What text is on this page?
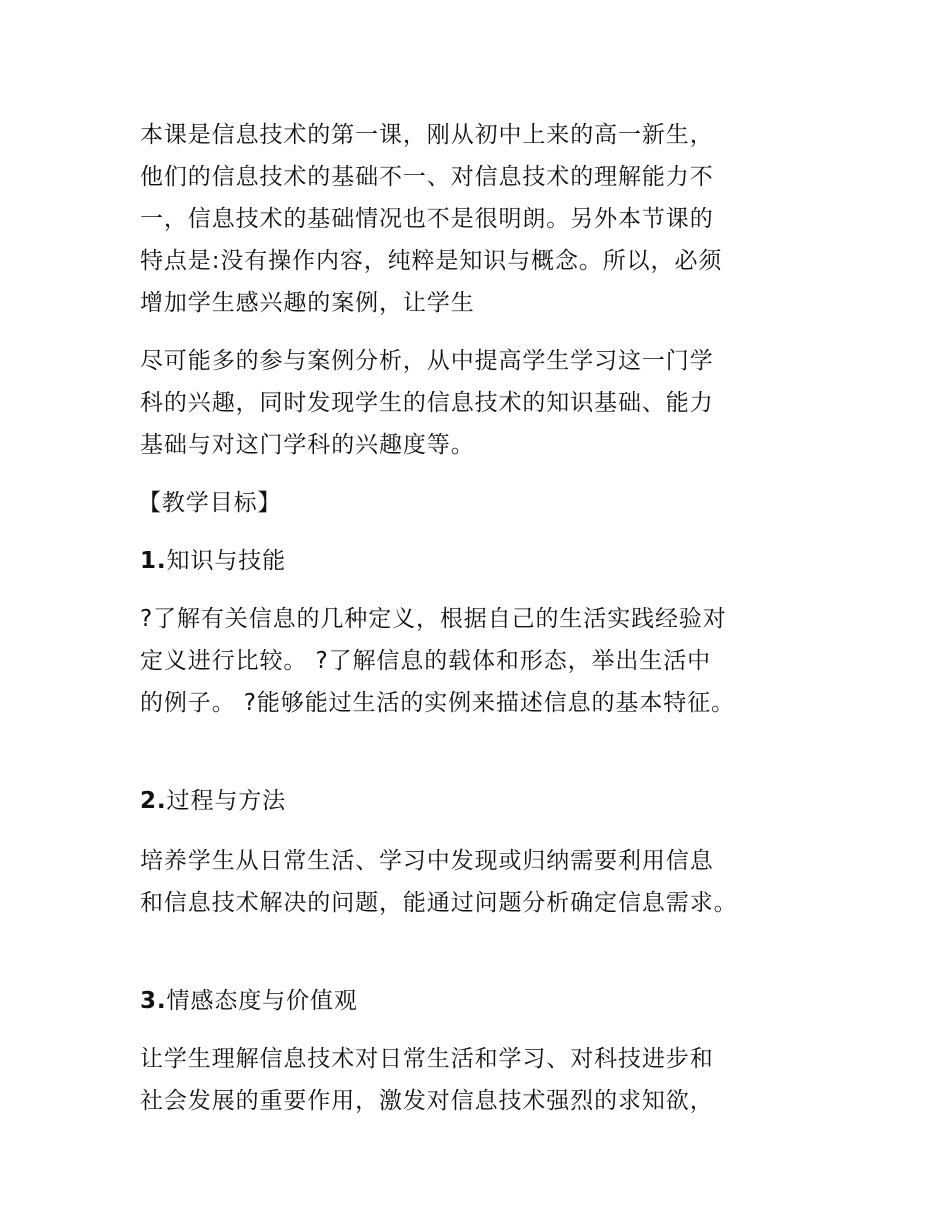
本课是信息技术的第一课，刚从初中上来的高一新生，
他们的信息技术的基础不一、对信息技术的理解能力不
一，信息技术的基础情况也不是很明朗。另外本节课的
特点是:没有操作内容，纯粹是知识与概念。所以，必须
增加学生感兴趣的案例，让学生
尽可能多的参与案例分析，从中提高学生学习这一门学
科的兴趣，同时发现学生的信息技术的知识基础、能力
基础与对这门学科的兴趣度等。
【教学目标】
1.知识与技能
?了解有关信息的几种定义，根据自己的生活实践经验对
定义进行比较。 ?了解信息的载体和形态，举出生活中
的例子。 ?能够能过生活的实例来描述信息的基本特征。
2.过程与方法
培养学生从日常生活、学习中发现或归纳需要利用信息
和信息技术解决的问题，能通过问题分析确定信息需求。
3.情感态度与价值观
让学生理解信息技术对日常生活和学习、对科技进步和
社会发展的重要作用，激发对信息技术强烈的求知欲，
